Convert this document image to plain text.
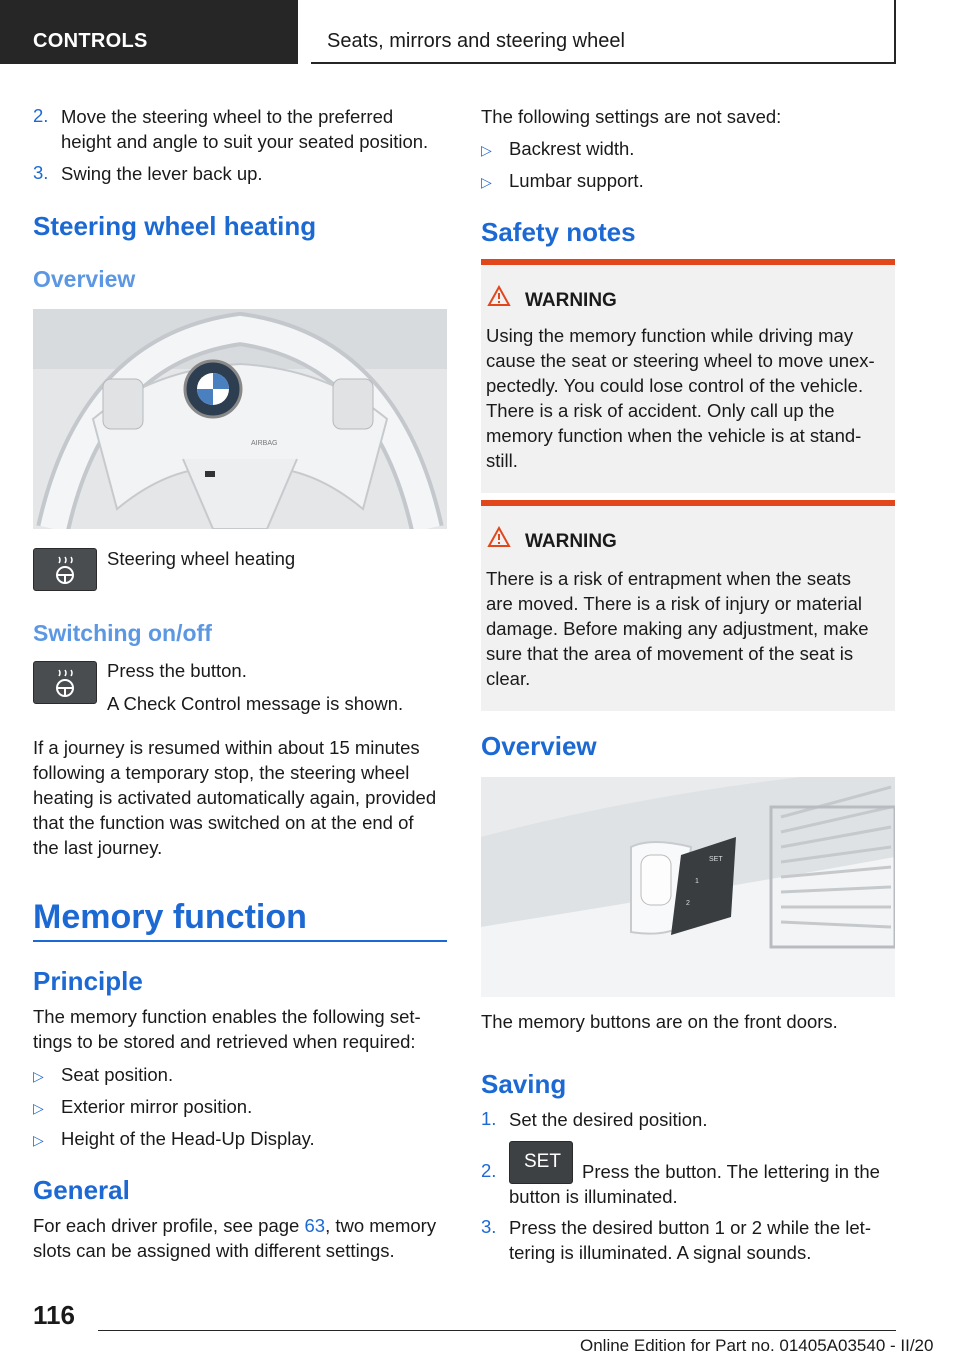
CONTROLS	Seats, mirrors and steering wheel
2. Move the steering wheel to the preferred
height and angle to suit your seated position.
3. Swing the lever back up.
Steering wheel heating
Overview
AIRBAG
Steering wheel heating
Switching on/off
Press the button.
A Check Control message is shown.
If a journey is resumed within about 15 minutes
following a temporary stop, the steering wheel
heating is activated automatically again, provided
that the function was switched on at the end of
the last journey.
Memory function
Principle
The memory function enables the following set‐
tings to be stored and retrieved when required:
▷ Seat position.
▷ Exterior mirror position.
▷ Height of the Head-Up Display.
General
For each driver profile, see page 63, two memory
slots can be assigned with different settings.
The following settings are not saved:
▷ Backrest width.
▷ Lumbar support.
Safety notes
WARNING
Using the memory function while driving may
cause the seat or steering wheel to move unex‐
pectedly. You could lose control of the vehicle.
There is a risk of accident. Only call up the
memory function when the vehicle is at stand‐
still.
WARNING
There is a risk of entrapment when the seats
are moved. There is a risk of injury or material
damage. Before making any adjustment, make
sure that the area of movement of the seat is
clear.
Overview
SET
1
2
The memory buttons are on the front doors.
Saving
1. Set the desired position.
2. SET Press the button. The lettering in the
button is illuminated.
3. Press the desired button 1 or 2 while the let‐
tering is illuminated. A signal sounds.
116
Online Edition for Part no. 01405A03540 - II/20
